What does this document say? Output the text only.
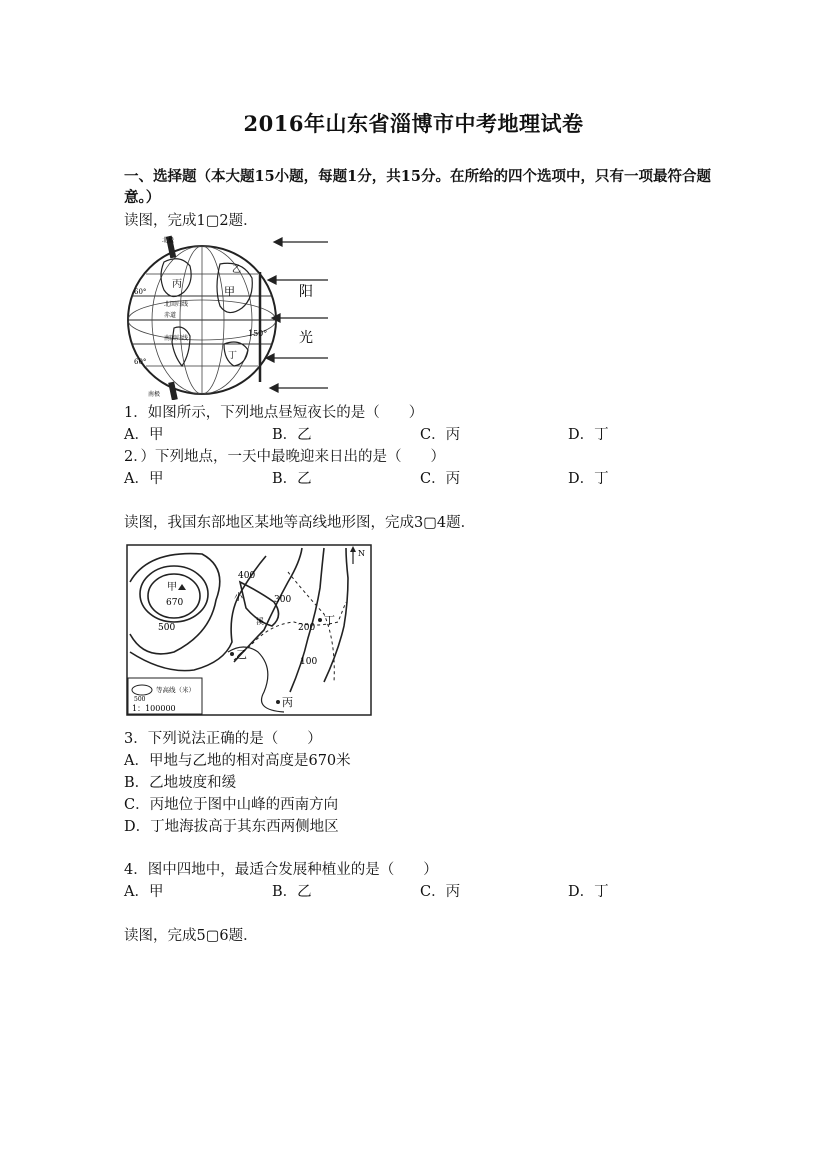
2016年山东省淄博市中考地理试卷
一、选择题（本大题15小题，每题1分，共15分。在所给的四个选项中，只有一项最符合题意。）
读图，完成1▢2题．
北极
南极
甲
丙
乙
丁
60°
60°
150°
北回归线
赤道
南回归线
阳
光
1．如图所示，下列地点昼短夜长的是（　　）
A．甲	B．乙	C．丙	D．丁
2．）下列地点，一天中最晚迎来日出的是（　　）
A．甲	B．乙	C．丙	D．丁
读图，我国东部地区某地等高线地形图，完成3▢4题．
甲
670
400
300
200
100
500
小
溪
乙
丙
丁
N
500
等高线（米）
1：100000
3．下列说法正确的是（　　）
A．甲地与乙地的相对高度是670米
B．乙地坡度和缓
C．丙地位于图中山峰的西南方向
D．丁地海拔高于其东西两侧地区
4．图中四地中，最适合发展种植业的是（　　）
A．甲	B．乙	C．丙	D．丁
读图，完成5▢6题．
